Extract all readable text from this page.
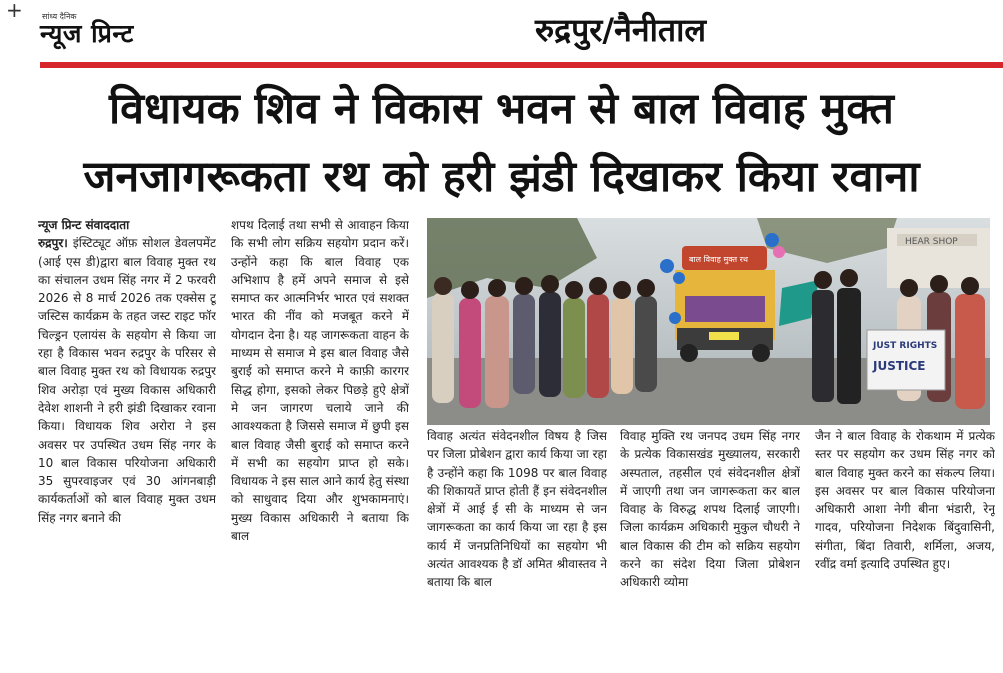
+ सांध्य दैनिक
न्यूज प्रिन्ट	रुद्रपुर/नैनीताल
विधायक शिव ने विकास भवन से बाल विवाह मुक्त
जनजागरूकता रथ को हरी झंडी दिखाकर किया रवाना
न्यूज प्रिन्ट संवाददाता
रुद्रपुर। इंस्टिट्यूट ऑफ़ सोशल डेवलपमेंट (आई एस डी)द्वारा बाल विवाह मुक्त रथ का संचालन उधम सिंह नगर में 2 फरवरी 2026 से 8 मार्च 2026 तक एक्सेस टू जस्टिस कार्यक्रम के तहत जस्ट राइट फॉर चिल्ड्रन एलायंस के सहयोग से किया जा रहा है विकास भवन रुद्रपुर के परिसर से बाल विवाह मुक्त रथ को विधायक रुद्रपुर शिव अरोड़ा एवं मुख्य विकास अधिकारी देवेश शाशनी ने हरी झंडी दिखाकर रवाना किया। विधायक शिव अरोरा ने इस अवसर पर उपस्थित उधम सिंह नगर के 10 बाल विकास परियोजना अधिकारी 35 सुपरवाइजर एवं 30 आंगनबाड़ी कार्यकर्ताओं को बाल विवाह मुक्त उधम सिंह नगर बनाने की
शपथ दिलाई तथा सभी से आवाहन किया कि सभी लोग सक्रिय सहयोग प्रदान करें। उन्होंने कहा कि बाल विवाह एक अभिशाप है हमें अपने समाज से इसे समाप्त कर आत्मनिर्भर भारत एवं सशक्त भारत की नींव को मजबूत करने में योगदान देना है। यह जागरूकता वाहन के माध्यम से समाज मे इस बाल विवाह जैसे बुराई को समाप्त करने मे काफ़ी कारगर सिद्ध होगा, इसको लेकर पिछड़े हुऐ क्षेत्रों मे जन जागरण चलाये जाने की आवश्यकता है जिससे समाज में छुपी इस बाल विवाह जैसी बुराई को समाप्त करने में सभी का सहयोग प्राप्त हो सके। विधायक ने इस साल आने कार्य हेतु संस्था को साधुवाद दिया और शुभकामनाएं। मुख्य विकास अधिकारी ने बताया कि बाल
HEAR SHOP
बाल विवाह मुक्त रथ
JUST RIGHTS
JUSTICE
विवाह अत्यंत संवेदनशील विषय है जिस पर जिला प्रोबेशन द्वारा कार्य किया जा रहा है उन्होंने कहा कि 1098 पर बाल विवाह की शिकायतें प्राप्त होती हैं इन संवेदनशील क्षेत्रों में आई ई सी के माध्यम से जन जागरूकता का कार्य किया जा रहा है इस कार्य में जनप्रतिनिधियों का सहयोग भी अत्यंत आवश्यक है डॉ अमित श्रीवास्तव ने बताया कि बाल
विवाह मुक्ति रथ जनपद उधम सिंह नगर के प्रत्येक विकासखंड मुख्यालय, सरकारी अस्पताल, तहसील एवं संवेदनशील क्षेत्रों में जाएगी तथा जन जागरूकता कर बाल विवाह के विरुद्ध शपथ दिलाई जाएगी। जिला कार्यक्रम अधिकारी मुकुल चौधरी ने बाल विकास की टीम को सक्रिय सहयोग करने का संदेश दिया जिला प्रोबेशन अधिकारी व्योमा
जैन ने बाल विवाह के रोकथाम में प्रत्येक स्तर पर सहयोग कर उधम सिंह नगर को बाल विवाह मुक्त करने का संकल्प लिया। इस अवसर पर बाल विकास परियोजना अधिकारी आशा नेगी बीना भंडारी, रेनू गादव, परियोजना निदेशक बिंदुवासिनी, संगीता, बिंदा तिवारी, शर्मिला, अजय, रवींद्र वर्मा इत्यादि उपस्थित हुए।
